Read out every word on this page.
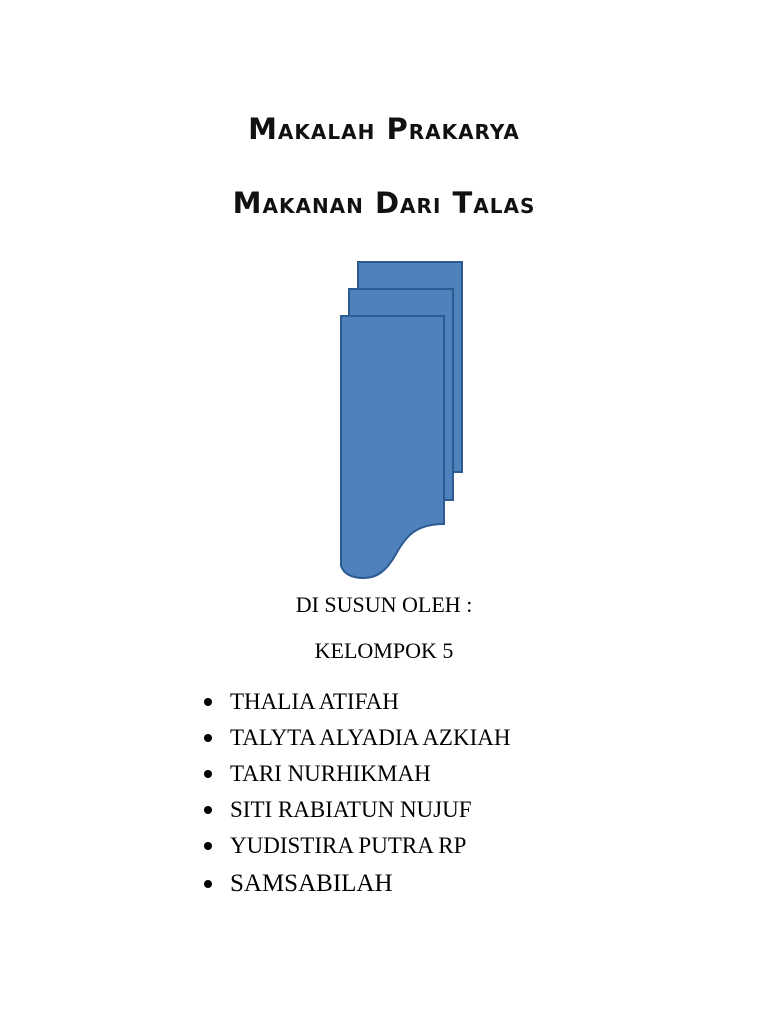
Makalah Prakarya
Makanan Dari Talas
DI SUSUN OLEH :
KELOMPOK 5
THALIA ATIFAH
TALYTA ALYADIA AZKIAH
TARI NURHIKMAH
SITI RABIATUN NUJUF
YUDISTIRA PUTRA RP
SAMSABILAH
